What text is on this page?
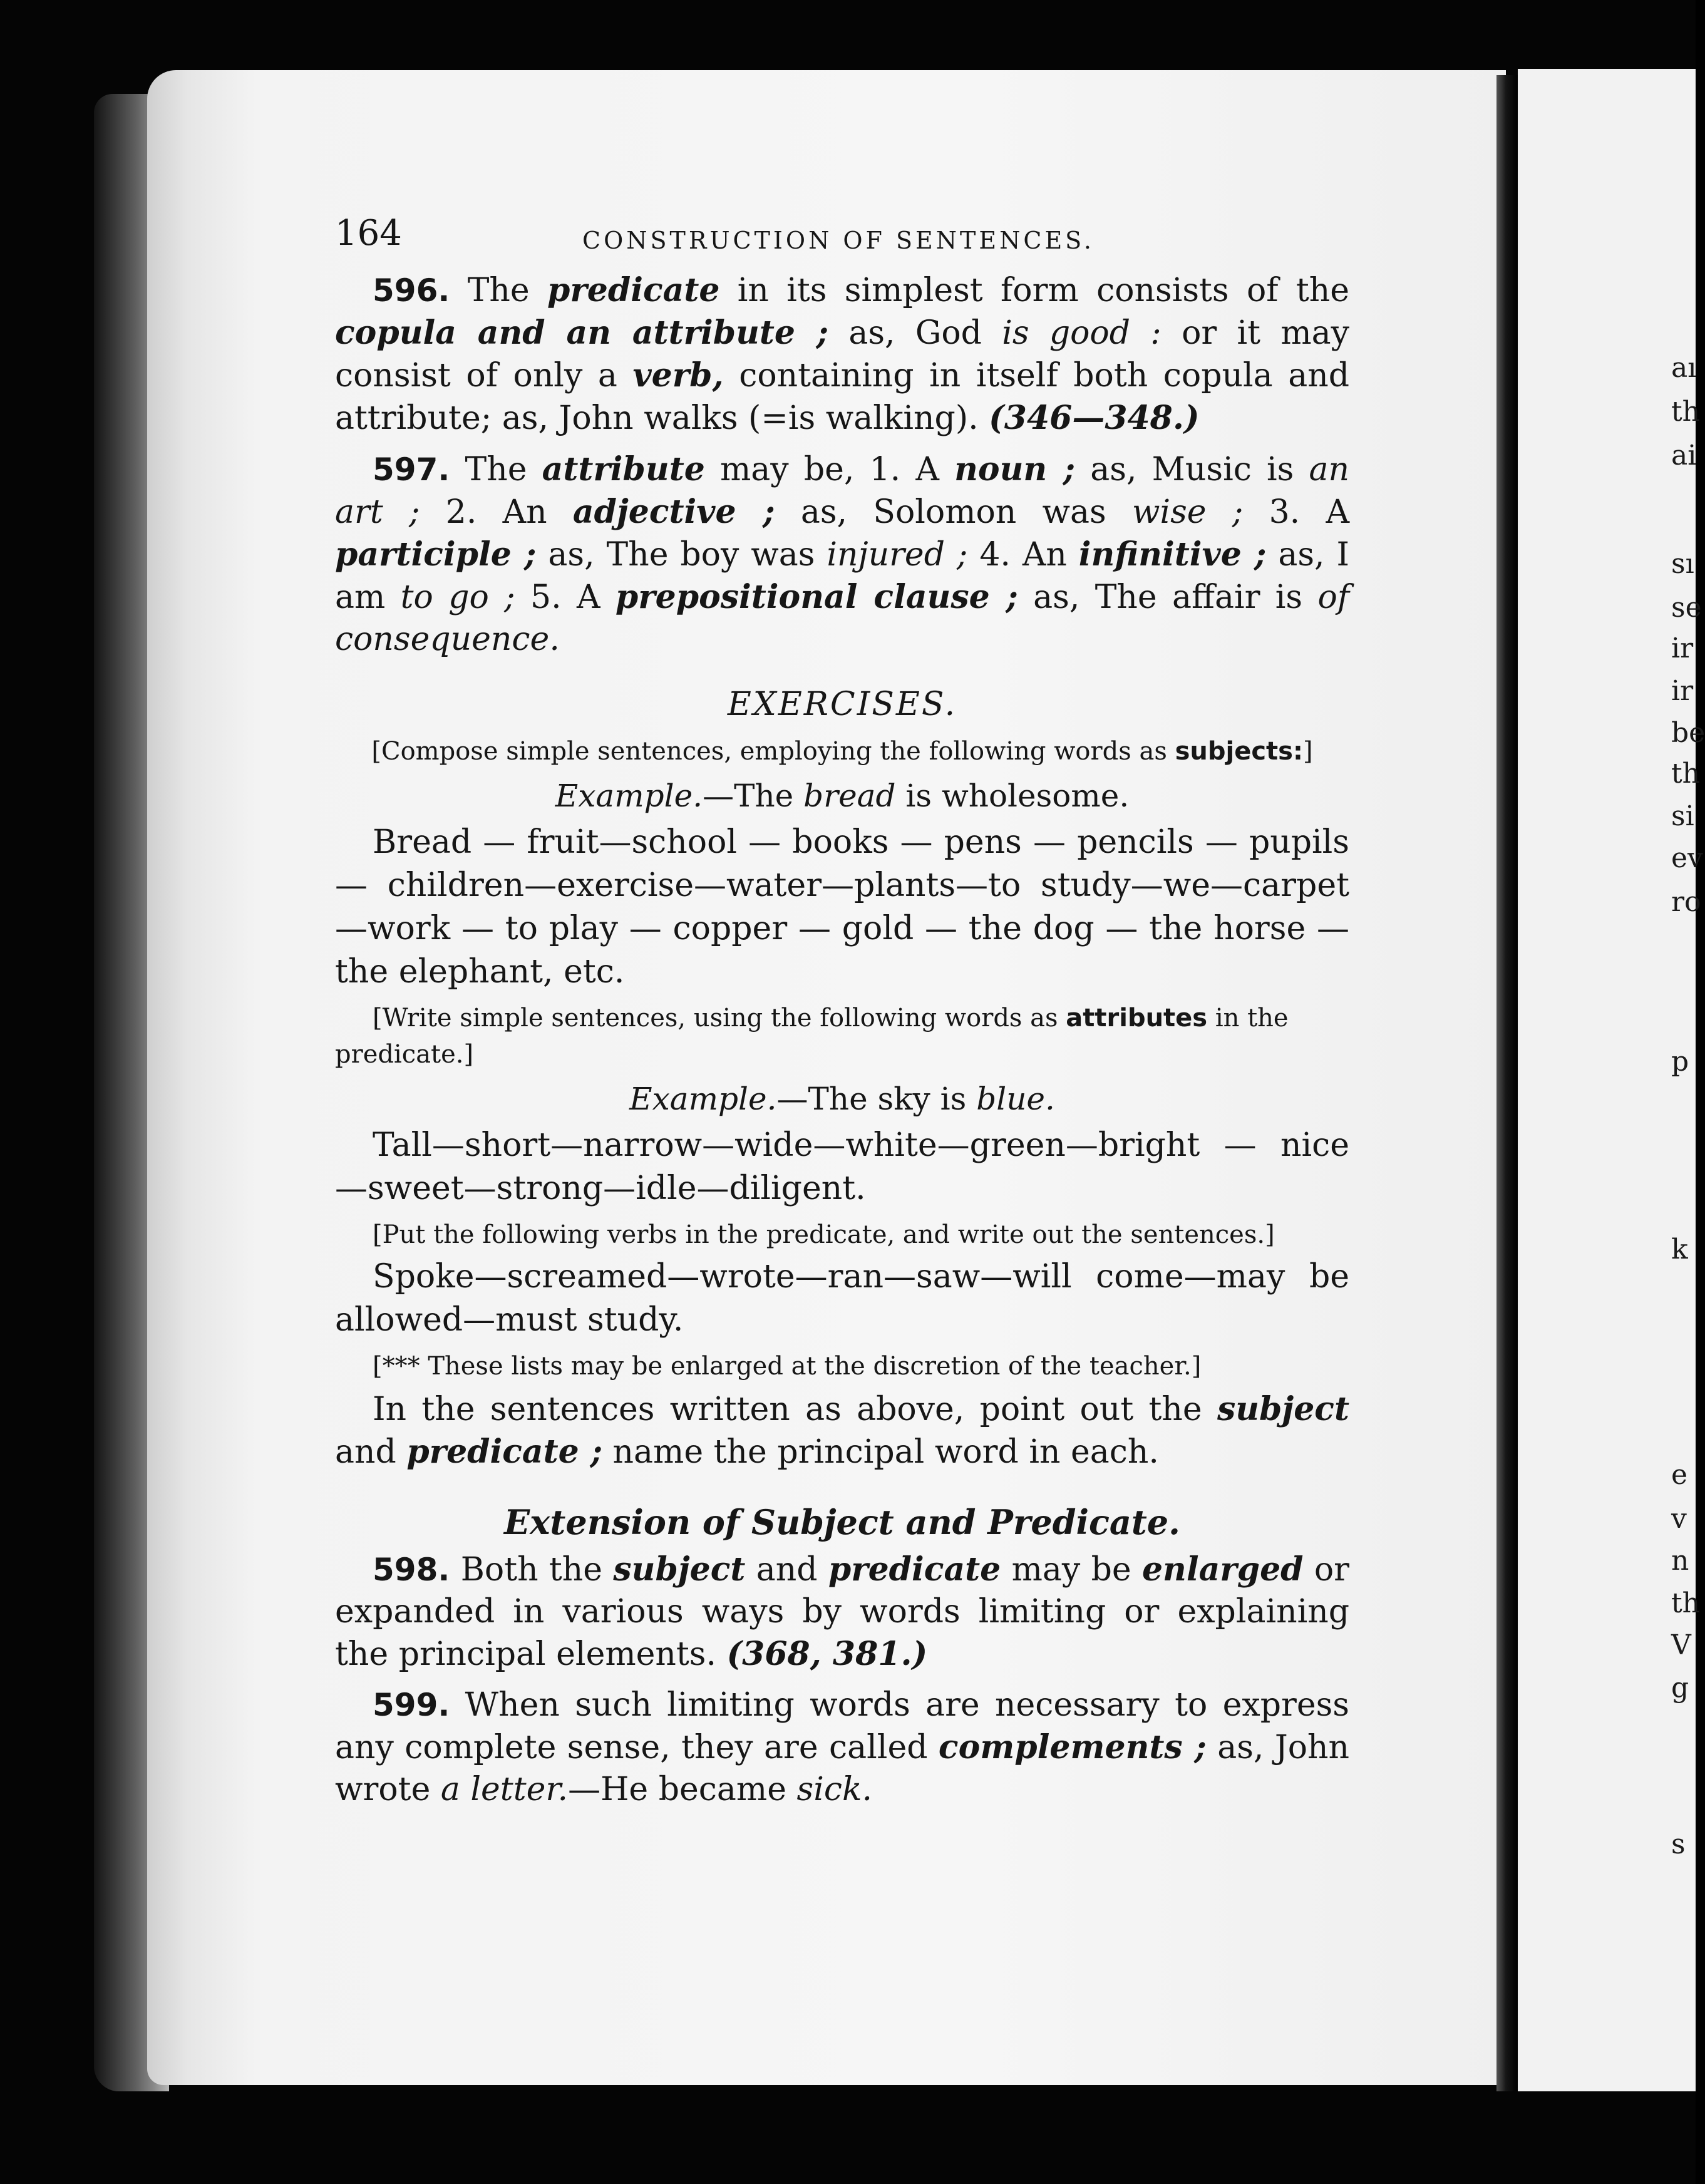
aı
th
ai
sı
se
ir
ir
be
th
si
ev
ro
p
k
e
v
n
th
V
g
s
164	CONSTRUCTION OF SENTENCES.

596. The predicate in its simplest form consists of the copula and an attribute ; as, God is good : or it may consist of only a verb, containing in itself both copula and attribute; as, John walks (=is walking). (346—348.)

597. The attribute may be, 1. A noun ; as, Music is an art ; 2. An adjective ; as, Solomon was wise ; 3. A participle ; as, The boy was injured ; 4. An infinitive ; as, I am to go ; 5. A prepositional clause ; as, The affair is of consequence.

EXERCISES.

[Compose simple sentences, employing the following words as subjects:]

Example.—The bread is wholesome.

Bread — fruit—school — books — pens — pencils — pupils — children—exercise—water—plants—to study—we—carpet—work — to play — copper — gold — the dog — the horse — the elephant, etc.

[Write simple sentences, using the following words as attributes in the predicate.]

Example.—The sky is blue.

Tall—short—narrow—wide—white—green—bright — nice —sweet—strong—idle—diligent.

[Put the following verbs in the predicate, and write out the sentences.]

Spoke—screamed—wrote—ran—saw—will come—may be allowed—must study.

[*** These lists may be enlarged at the discretion of the teacher.]

In the sentences written as above, point out the subject and predicate ; name the principal word in each.

Extension of Subject and Predicate.

598. Both the subject and predicate may be enlarged or expanded in various ways by words limiting or explaining the principal elements. (368, 381.)

599. When such limiting words are necessary to express any complete sense, they are called complements ; as, John wrote a letter.—He became sick.
